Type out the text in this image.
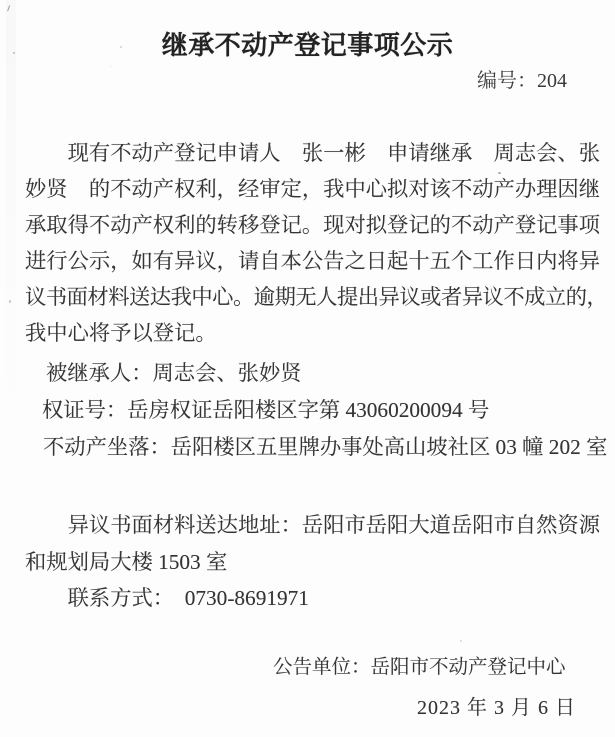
继承不动产登记事项公示
编号：204
　　现有不动产登记申请人　张一彬　申请继承　周志会、张
妙贤　的不动产权利，经审定，我中心拟对该不动产办理因继
承取得不动产权利的转移登记。现对拟登记的不动产登记事项
进行公示，如有异议，请自本公告之日起十五个工作日内将异
议书面材料送达我中心。逾期无人提出异议或者异议不成立的，
我中心将予以登记。
被继承人：周志会、张妙贤
权证号：岳房权证岳阳楼区字第 43060200094 号
不动产坐落：岳阳楼区五里牌办事处高山坡社区 03 幢 202 室
　　异议书面材料送达地址：岳阳市岳阳大道岳阳市自然资源
和规划局大楼 1503 室
　　联系方式：  0730-8691971
公告单位：岳阳市不动产登记中心
2023 年 3 月 6 日
